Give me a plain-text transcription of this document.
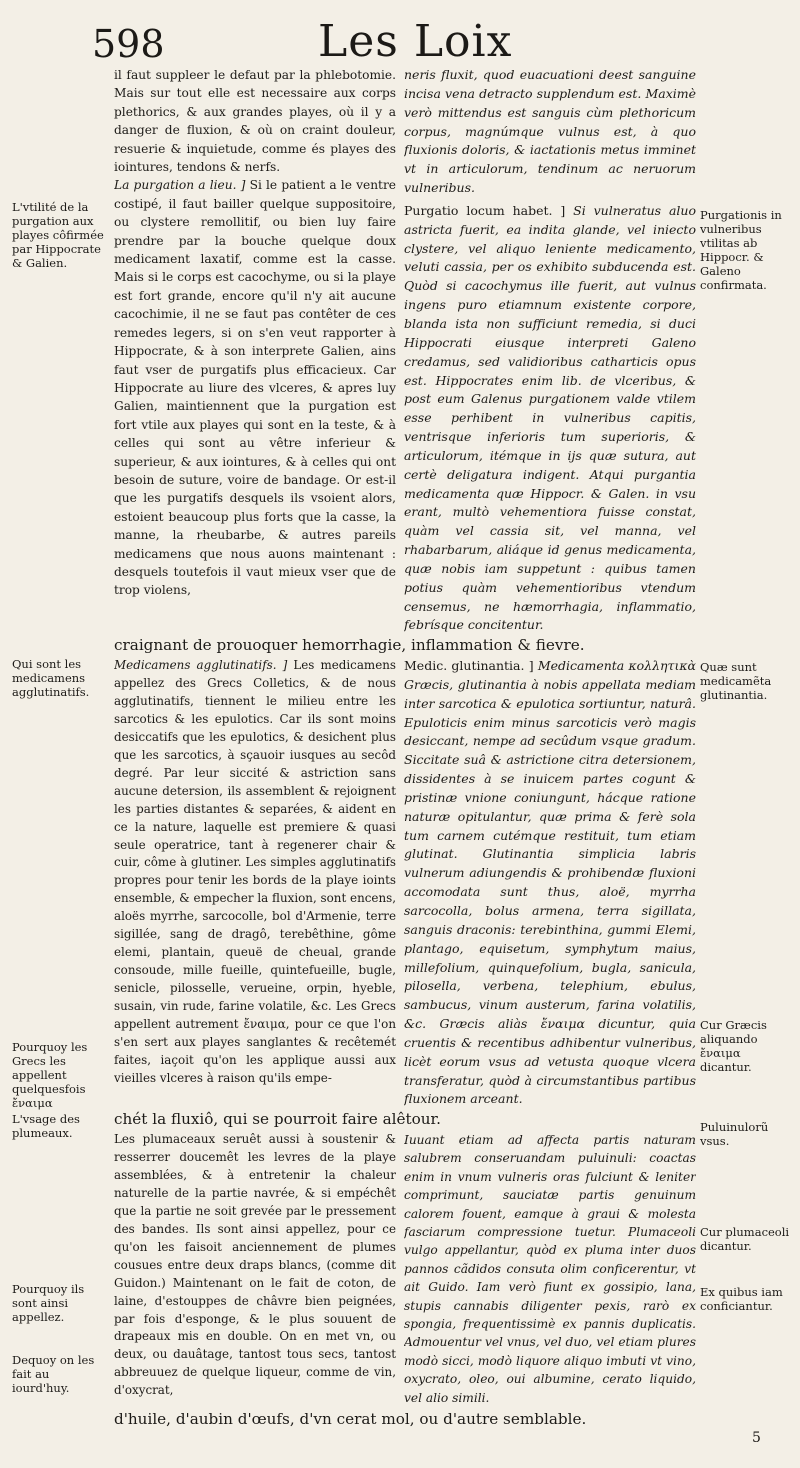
598	Les Loix

il faut suppleer le defaut par la phlebotomie. Mais sur tout elle est necessaire aux corps plethorics, & aux grandes playes, où il y a danger de fluxion, & où on craint douleur, resuerie & inquietude, comme és playes des iointures, tendons & nerfs.

La purgation a lieu. ] Si le patient a le ventre costipé, il faut bailler quelque suppositoire, ou clystere remollitif, ou bien luy faire prendre par la bouche quelque doux medicament laxatif, comme est la casse. Mais si le corps est cacochyme, ou si la playe est fort grande, encore qu'il n'y ait aucune cacochimie, il ne se faut pas contêter de ces remedes legers, si on s'en veut rapporter à Hippocrate, & à son interprete Galien, ains faut vser de purgatifs plus efficacieux. Car Hippocrate au liure des vlceres, & apres luy Galien, maintiennent que la purgation est fort vtile aux playes qui sont en la teste, & à celles qui sont au vêtre inferieur & superieur, & aux iointures, & à celles qui ont besoin de suture, voire de bandage. Or est-il que les purgatifs desquels ils vsoient alors, estoient beaucoup plus forts que la casse, la manne, la rheubarbe, & autres pareils medicamens que nous auons maintenant : desquels toutefois il vaut mieux vser que de trop violens,

neris fluxit, quod euacuationi deest sanguine incisa vena detracto supplendum est. Maximè verò mittendus est sanguis cùm plethoricum corpus, magnúmque vulnus est, à quo fluxionis doloris, & iactationis metus imminet vt in articulorum, tendinum ac neruorum vulneribus.

Purgatio locum habet. ] Si vulneratus aluo astricta fuerit, ea indita glande, vel iniecto clystere, vel aliquo leniente medicamento, veluti cassia, per os exhibito subducenda est. Quòd si cacochymus ille fuerit, aut vulnus ingens puro etiamnum existente corpore, blanda ista non sufficiunt remedia, si duci Hippocrati eiusque interpreti Galeno credamus, sed validioribus catharticis opus est. Hippocrates enim lib. de vlceribus, & post eum Galenus purgationem valde vtilem esse perhibent in vulneribus capitis, ventrisque inferioris tum superioris, & articulorum, itémque in ijs quæ sutura, aut certè deligatura indigent. Atqui purgantia medicamenta quæ Hippocr. & Galen. in vsu erant, multò vehementiora fuisse constat, quàm vel cassia sit, vel manna, vel rhabarbarum, aliáque id genus medicamenta, quæ nobis iam suppetunt : quibus tamen potius quàm vehementioribus vtendum censemus, ne hæmorrhagia, inflammatio, febrísque concitentur.

craignant de prouoquer hemorrhagie, inflammation & fievre.

Medicamens agglutinatifs. ] Les medicamens appellez des Grecs Colletics, & de nous agglutinatifs, tiennent le milieu entre les sarcotics & les epulotics. Car ils sont moins desiccatifs que les epulotics, & desichent plus que les sarcotics, à sçauoir iusques au secôd degré. Par leur siccité & astriction sans aucune detersion, ils assemblent & rejoignent les parties distantes & separées, & aident en ce la nature, laquelle est premiere & quasi seule operatrice, tant à regenerer chair & cuir, côme à glutiner. Les simples agglutinatifs propres pour tenir les bords de la playe ioints ensemble, & empecher la fluxion, sont encens, aloës myrrhe, sarcocolle, bol d'Armenie, terre sigillée, sang de dragô, terebêthine, gôme elemi, plantain, queuë de cheual, grande consoude, mille fueille, quintefueille, bugle, senicle, pilosselle, verueine, orpin, hyeble, susain, vin rude, farine volatile, &c. Les Grecs appellent autrement ἔναιμα, pour ce que l'on s'en sert aux playes sanglantes & recêtemét faites, iaçoit qu'on les applique aussi aux vieilles vlceres à raison qu'ils empe-

Medic. glutinantia. ] Medicamenta κολλητικὰ Græcis, glutinantia à nobis appellata mediam inter sarcotica & epulotica sortiuntur, naturâ. Epuloticis enim minus sarcoticis verò magis desiccant, nempe ad secûdum vsque gradum. Siccitate suâ & astrictione citra detersionem, dissidentes à se inuicem partes cogunt & pristinæ vnione coniungunt, hácque ratione naturæ opitulantur, quæ prima & ferè sola tum carnem cutémque restituit, tum etiam glutinat. Glutinantia simplicia labris vulnerum adiungendis & prohibendæ fluxioni accomodata sunt thus, aloë, myrrha sarcocolla, bolus armena, terra sigillata, sanguis draconis: terebinthina, gummi Elemi, plantago, equisetum, symphytum maius, millefolium, quinquefolium, bugla, sanicula, pilosella, verbena, telephium, ebulus, sambucus, vinum austerum, farina volatilis, &c. Græcis aliàs ἔναιμα dicuntur, quia cruentis & recentibus adhibentur vulneribus, licèt eorum vsus ad vetusta quoque vlcera transferatur, quòd à circumstantibus partibus fluxionem arceant.

chét la fluxiô, qui se pourroit faire alêtour.

Les plumaceaux seruêt aussi à soustenir & resserrer doucemêt les levres de la playe assemblées, & à entretenir la chaleur naturelle de la partie navrée, & si empéchêt que la partie ne soit grevée par le pressement des bandes. Ils sont ainsi appellez, pour ce qu'on les faisoit anciennement de plumes cousues entre deux draps blancs, (comme dit Guidon.) Maintenant on le fait de coton, de laine, d'estouppes de châvre bien peignées, par fois d'esponge, & le plus souuent de drapeaux mis en double. On en met vn, ou deux, ou dauâtage, tantost tous secs, tantost abbreuuez de quelque liqueur, comme de vin, d'oxycrat,

Iuuant etiam ad affecta partis naturam salubrem conseruandam puluinuli: coactas enim in vnum vulneris oras fulciunt & leniter comprimunt, sauciatæ partis genuinum calorem fouent, eamque à graui & molesta fasciarum compressione tuetur. Plumaceoli vulgo appellantur, quòd ex pluma inter duos pannos cãdidos consuta olim conficerentur, vt ait Guido. Iam verò fiunt ex gossipio, lana, stupis cannabis diligenter pexis, rarò ex spongia, frequentissimè ex pannis duplicatis. Admouentur vel vnus, vel duo, vel etiam plures modò sicci, modò liquore aliquo imbuti vt vino, oxycrato, oleo, oui albumine, cerato liquido, vel alio simili.

d'huile, d'aubin d'œufs, d'vn cerat mol, ou d'autre semblable.
L'vtilité de la purgation aux playes côfirmée par Hippocrate & Galien.
Qui sont les medicamens agglutinatifs.
Pourquoy les Grecs les appellent quelquesfois ἔναιμα
L'vsage des plumeaux.
Pourquoy ils sont ainsi appellez.
Dequoy on les fait au iourd'huy.
Purgationis in vulneribus vtilitas ab Hippocr. & Galeno confirmata.
Quæ sunt medicamẽta glutinantia.
Cur Græcis aliquando ἔναιμα dicantur.
Puluinulorũ vsus.
Cur plumaceoli dicantur.
Ex quibus iam conficiantur.
5
